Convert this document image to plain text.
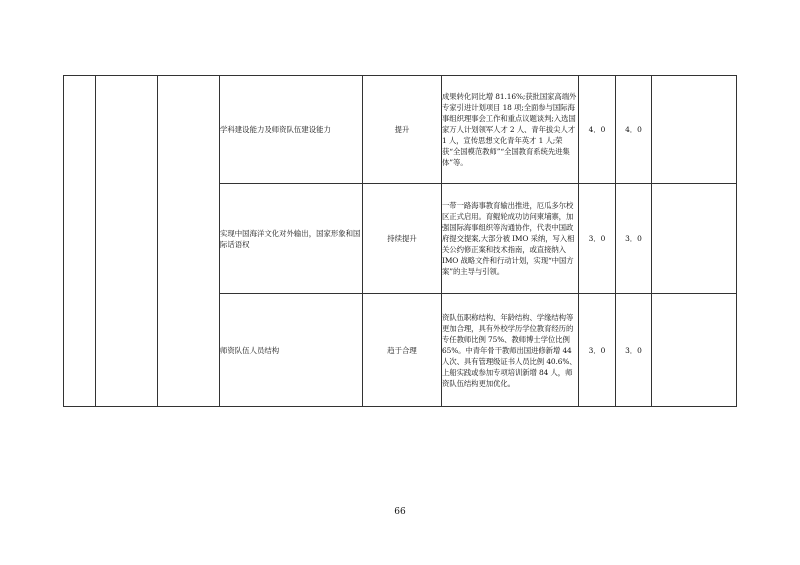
			学科建设能力及师资队伍建设能力	提升	成果转化同比增 81.16%;获批国家高端外专家引进计划项目 18 项;全面参与国际海事组织理事会工作和重点议题谈判;入选国家万人计划领军人才 2 人、青年拔尖人才 1 人，宣传思想文化青年英才 1 人;荣获“全国模范教师”“全国教育系统先进集体”等。	4．0	4．0	
			实现中国海洋文化对外输出，国家形象和国际话语权	持续提升	一带一路海事教育输出推进，厄瓜多尔校区正式启用。育鲲轮成功访问柬埔寨，加强国际海事组织等沟通协作，代表中国政府提交提案,大部分被 IMO 采纳，写入相关公约修正案和技术指南，或直接纳入 IMO 战略文件和行动计划，实现“中国方案”的主导与引领。	3．0	3．0	
			师资队伍人员结构	趋于合理	资队伍职称结构、年龄结构、学缘结构等更加合理，具有外校学历学位教育经历的专任教师比例 75%、教师博士学位比例 65%。中青年骨干教师出国进修新增 44 人次、具有管理级证书人员比例 40.6%、上船实践或参加专项培训新增 84 人，师资队伍结构更加优化。	3．0	3．0	
66
